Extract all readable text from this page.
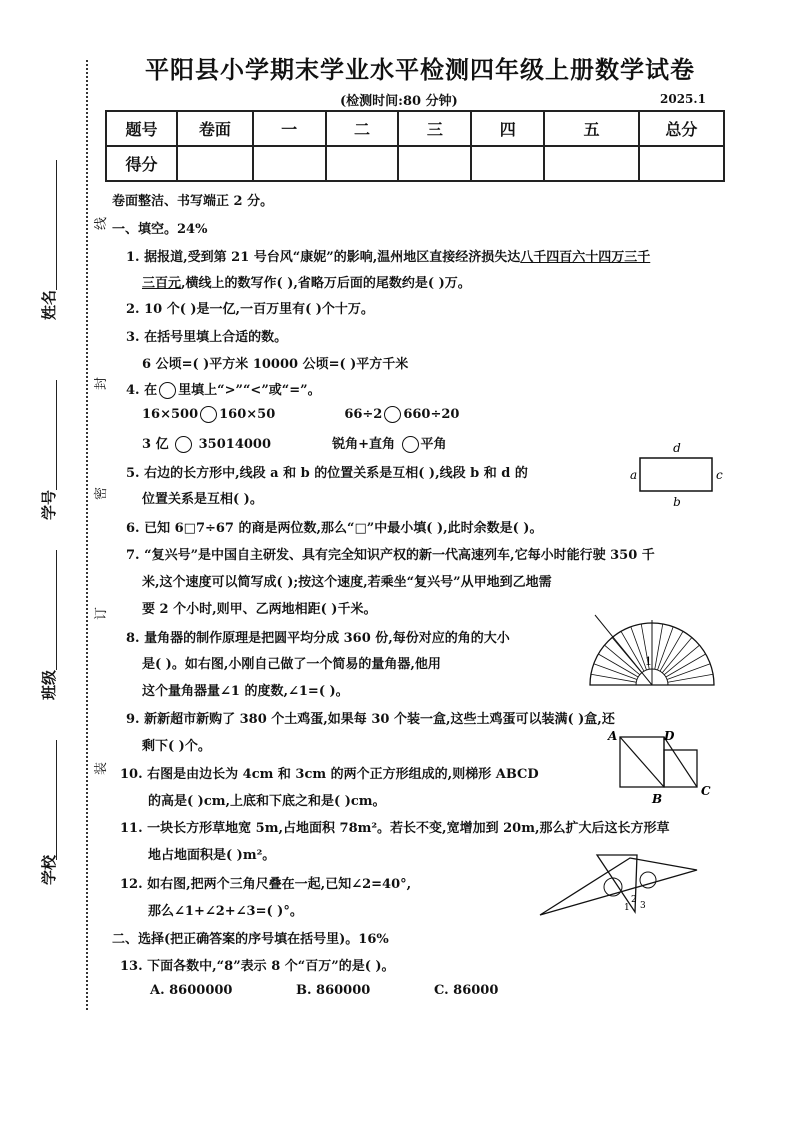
线
封
密
订
装
姓名
学号
班级
学校
平阳县小学期末学业水平检测四年级上册数学试卷
(检测时间:80 分钟)	2025.1
题号	卷面	一	二	三	四	五	总分
得分							
卷面整洁、书写端正 2 分。
一、填空。24%
1. 据报道,受到第 21 号台风“康妮”的影响,温州地区直接经济损失达八千四百六十四万三千
三百元,横线上的数写作( ),省略万后面的尾数约是( )万。
2. 10 个( )是一亿,一百万里有( )个十万。
3. 在括号里填上合适的数。
6 公顷=( )平方米 10000 公顷=( )平方千米
4. 在 里填上“>”“<”或“=”。
16×500 160×50	66÷2 660÷20
3 亿 35014000	锐角+直角 平角
5. 右边的长方形中,线段 a 和 b 的位置关系是互相( ),线段 b 和 d 的
位置关系是互相( )。
6. 已知 6□7÷67 的商是两位数,那么“□”中最小填( ),此时余数是( )。
7. “复兴号”是中国自主研发、具有完全知识产权的新一代高速列车,它每小时能行驶 350 千
米,这个速度可以简写成( );按这个速度,若乘坐“复兴号”从甲地到乙地需
要 2 个小时,则甲、乙两地相距( )千米。
8. 量角器的制作原理是把圆平均分成 360 份,每份对应的角的大小
是( )。如右图,小刚自己做了一个简易的量角器,他用
这个量角器量∠1 的度数,∠1=( )。
9. 新新超市新购了 380 个土鸡蛋,如果每 30 个装一盒,这些土鸡蛋可以装满( )盒,还
剩下( )个。
10. 右图是由边长为 4cm 和 3cm 的两个正方形组成的,则梯形 ABCD
的高是( )cm,上底和下底之和是( )cm。
11. 一块长方形草地宽 5m,占地面积 78m²。若长不变,宽增加到 20m,那么扩大后这长方形草
地占地面积是( )m²。
12. 如右图,把两个三角尺叠在一起,已知∠2=40°,
那么∠1+∠2+∠3=( )°。
二、选择(把正确答案的序号填在括号里)。16%
13. 下面各数中,“8”表示 8 个“百万”的是( )。
A. 8600000	B. 860000	C. 86000
d
a	c
b
1
A	D
B
C
1
2
3
